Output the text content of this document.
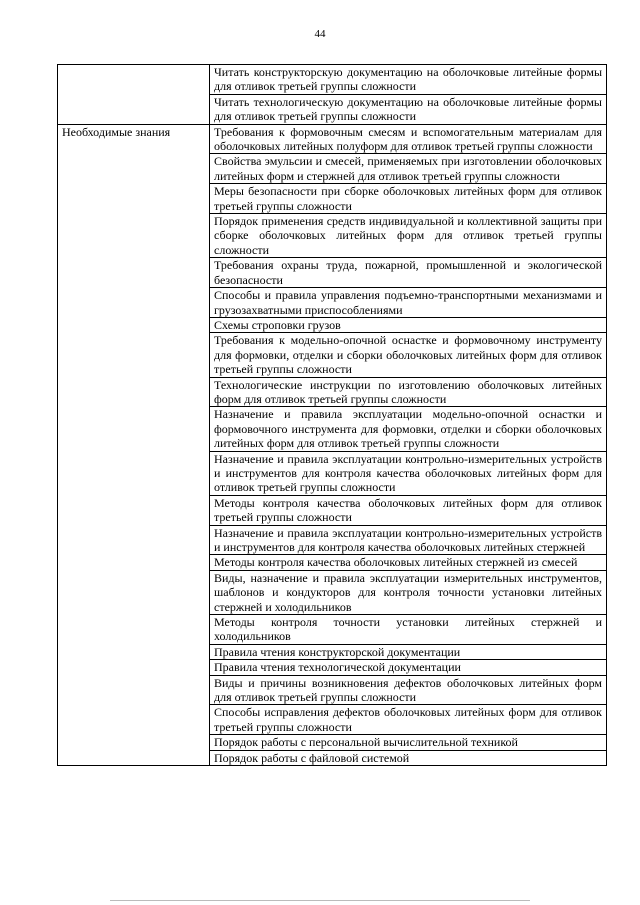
44
	Читать конструкторскую документацию на оболочковые литейные формы для отливок третьей группы сложности
	Читать технологическую документацию на оболочковые литейные формы для отливок третьей группы сложности
Необходимые знания	Требования к формовочным смесям и вспомогательным материалам для оболочковых литейных полуформ для отливок третьей группы сложности
	Свойства эмульсии и смесей, применяемых при изготовлении оболочковых литейных форм и стержней для отливок третьей группы сложности
	Меры безопасности при сборке оболочковых литейных форм для отливок третьей группы сложности
	Порядок применения средств индивидуальной и коллективной защиты при сборке оболочковых литейных форм для отливок третьей группы сложности
	Требования охраны труда, пожарной, промышленной и экологической безопасности
	Способы и правила управления подъемно-транспортными механизмами и грузозахватными приспособлениями
	Схемы строповки грузов
	Требования к модельно-опочной оснастке и формовочному инструменту для формовки, отделки и сборки оболочковых литейных форм для отливок третьей группы сложности
	Технологические инструкции по изготовлению оболочковых литейных форм для отливок третьей группы сложности
	Назначение и правила эксплуатации модельно-опочной оснастки и формовочного инструмента для формовки, отделки и сборки оболочковых литейных форм для отливок третьей группы сложности
	Назначение и правила эксплуатации контрольно-измерительных устройств и инструментов для контроля качества оболочковых литейных форм для отливок третьей группы сложности
	Методы контроля качества оболочковых литейных форм для отливок третьей группы сложности
	Назначение и правила эксплуатации контрольно-измерительных устройств и инструментов для контроля качества оболочковых литейных стержней
	Методы контроля качества оболочковых литейных стержней из смесей
	Виды, назначение и правила эксплуатации измерительных инструментов, шаблонов и кондукторов для контроля точности установки литейных стержней и холодильников
	Методы контроля точности установки литейных стержней и холодильников
	Правила чтения конструкторской документации
	Правила чтения технологической документации
	Виды и причины возникновения дефектов оболочковых литейных форм для отливок третьей группы сложности
	Способы исправления дефектов оболочковых литейных форм для отливок третьей группы сложности
	Порядок работы с персональной вычислительной техникой
	Порядок работы с файловой системой
